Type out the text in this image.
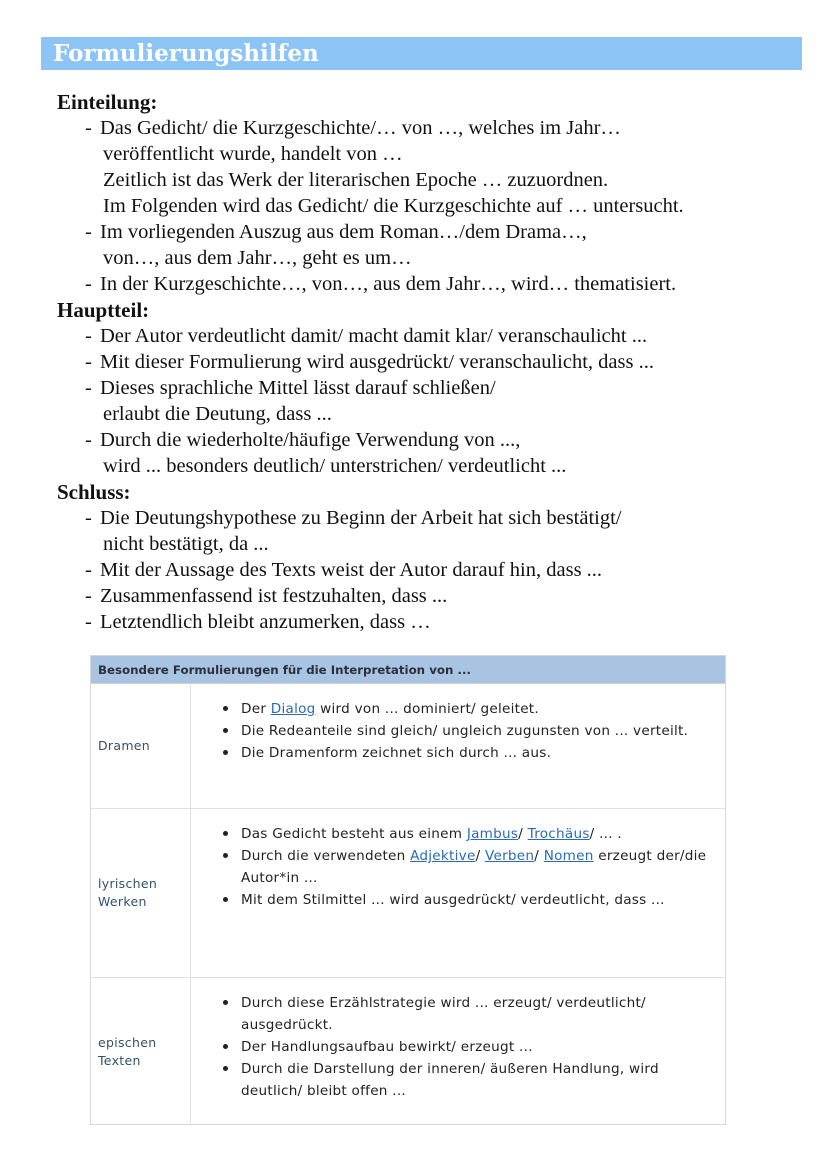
Formulierungshilfen
Einteilung:
- Das Gedicht/ die Kurzgeschichte/… von …, welches im Jahr…
veröffentlicht wurde, handelt von …
Zeitlich ist das Werk der literarischen Epoche … zuzuordnen.
Im Folgenden wird das Gedicht/ die Kurzgeschichte auf … untersucht.
- Im vorliegenden Auszug aus dem Roman…/dem Drama…,
von…, aus dem Jahr…, geht es um…
- In der Kurzgeschichte…, von…, aus dem Jahr…, wird… thematisiert.
Hauptteil:
- Der Autor verdeutlicht damit/ macht damit klar/ veranschaulicht ...
- Mit dieser Formulierung wird ausgedrückt/ veranschaulicht, dass ...
- Dieses sprachliche Mittel lässt darauf schließen/
erlaubt die Deutung, dass ...
- Durch die wiederholte/häufige Verwendung von ...,
wird ... besonders deutlich/ unterstrichen/ verdeutlicht ...
Schluss:
- Die Deutungshypothese zu Beginn der Arbeit hat sich bestätigt/
nicht bestätigt, da ...
- Mit der Aussage des Texts weist der Autor darauf hin, dass ...
- Zusammenfassend ist festzuhalten, dass ...
- Letztendlich bleibt anzumerken, dass …
Besondere Formulierungen für die Interpretation von ...
Dramen
Der Dialog wird von ... dominiert/ geleitet.
Die Redeanteile sind gleich/ ungleich zugunsten von ... verteilt.
Die Dramenform zeichnet sich durch ... aus.
lyrischen Werken
Das Gedicht besteht aus einem Jambus/ Trochäus/ ... .
Durch die verwendeten Adjektive/ Verben/ Nomen erzeugt der/die Autor*in ...
Mit dem Stilmittel ... wird ausgedrückt/ verdeutlicht, dass ...
epischen Texten
Durch diese Erzählstrategie wird ... erzeugt/ verdeutlicht/ ausgedrückt.
Der Handlungsaufbau bewirkt/ erzeugt ...
Durch die Darstellung der inneren/ äußeren Handlung, wird deutlich/ bleibt offen ...
